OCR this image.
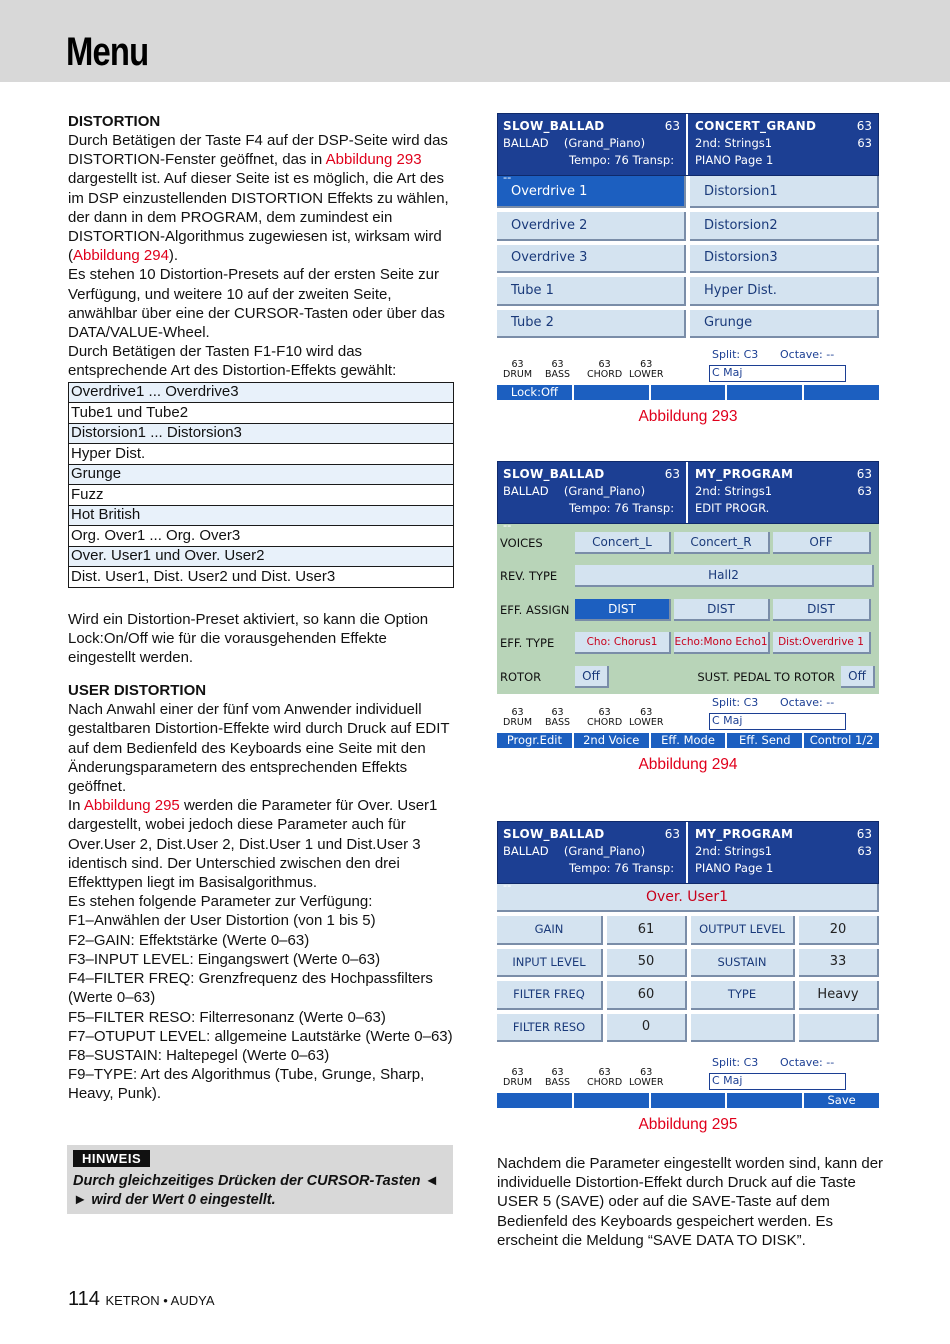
Menu
DISTORTION

Durch Betätigen der Taste F4 auf der DSP-Seite wird das DISTORTION-Fenster geöffnet, das in Abbildung 293 dargestellt ist. Auf dieser Seite ist es möglich, die Art des im DSP einzustellenden DISTORTION Effekts zu wählen, der dann in dem PROGRAM, dem zumindest ein DISTORTION-Algorithmus zugewiesen ist, wirksam wird (Abbildung 294).

Es stehen 10 Distortion-Presets auf der ersten Seite zur Verfügung, und weitere 10 auf der zweiten Seite, anwählbar über eine der CURSOR-Tasten oder über das DATA/VALUE-Wheel.

Durch Betätigen der Tasten F1-F10 wird das entsprechende Art des Distortion-Effekts gewählt:

Overdrive1 ... Overdrive3
Tube1 und Tube2
Distorsion1 ... Distorsion3
Hyper Dist.
Grunge
Fuzz
Hot British
Org. Over1 ... Org. Over3
Over. User1 und Over. User2
Dist. User1, Dist. User2 und Dist. User3

Wird ein Distortion-Preset aktiviert, so kann die Option Lock:On/Off wie für die vorausgehenden Effekte eingestellt werden.

USER DISTORTION

Nach Anwahl einer der fünf vom Anwender individuell gestaltbaren Distortion-Effekte wird durch Druck auf EDIT auf dem Bedienfeld des Keyboards eine Seite mit den Änderungsparametern des entsprechenden Effekts geöffnet.

In Abbildung 295 werden die Parameter für Over. User1 dargestellt, wobei jedoch diese Parameter auch für Over.User 2, Dist.User 2, Dist.User 1 und Dist.User 3 identisch sind. Der Unterschied zwischen den drei Effekttypen liegt im Basisalgorithmus.

Es stehen folgende Parameter zur Verfügung:

F1–Anwählen der User Distortion (von 1 bis 5)

F2–GAIN: Effektstärke (Werte 0–63)

F3–INPUT LEVEL: Eingangswert (Werte 0–63)

F4–FILTER FREQ: Grenzfrequenz des Hochpassfilters (Werte 0–63)

F5–FILTER RESO: Filterresonanz (Werte 0–63)

F7–OTUPUT LEVEL: allgemeine Lautstärke (Werte 0–63)

F8–SUSTAIN: Haltepegel (Werte 0–63)

F9–TYPE: Art des Algorithmus (Tube, Grunge, Sharp, Heavy, Punk).

HINWEIS

Durch gleichzeitiges Drücken der CURSOR-Tasten ◄ ► wird der Wert 0 eingestellt.

114 KETRON • AUDYA
SLOW_BALLAD	63

BALLAD (Grand_Piano)
Tempo: 76 Transp: --
CONCERT_GRAND	63

2nd: Strings1	63

PIANO Page 1
Overdrive 1	Distorsion1
Overdrive 2	Distorsion2
Overdrive 3	Distorsion3
Tube 1	Hyper Dist.
Tube 2	Grunge
63
DRUM
63
BASS
63
CHORD
63
LOWER
Split: C3 Octave: --
C Maj
Lock:Off
Abbildung 293
SLOW_BALLAD	63

BALLAD (Grand_Piano)
Tempo: 76 Transp: --
MY_PROGRAM	63

2nd: Strings1	63

EDIT PROGR.
VOICES	Concert_L	Concert_R	OFF
REV. TYPE	Hall2
EFF. ASSIGN	DIST	DIST	DIST
EFF. TYPE	Cho: Chorus1	Echo:Mono Echo1	Dist:Overdrive 1
ROTOR	Off	SUST. PEDAL TO ROTOR	Off
63
DRUM
63
BASS
63
CHORD
63
LOWER
Split: C3 Octave: --
C Maj
Progr.Edit	2nd Voice	Eff. Mode	Eff. Send	Control 1/2
Abbildung 294
SLOW_BALLAD	63

BALLAD (Grand_Piano)
Tempo: 76 Transp: --
MY_PROGRAM	63

2nd: Strings1	63

PIANO Page 1
Over. User1
GAIN	61	OUTPUT LEVEL	20
INPUT LEVEL	50	SUSTAIN	33
FILTER FREQ	60	TYPE	Heavy
FILTER RESO	0
63
DRUM
63
BASS
63
CHORD
63
LOWER
Split: C3 Octave: --
C Maj
Save
Abbildung 295

Nachdem die Parameter eingestellt worden sind, kann der individuelle Distortion-Effekt durch Druck auf die Taste USER 5 (SAVE) oder auf die SAVE-Taste auf dem Bedienfeld des Keyboards gespeichert werden. Es erscheint die Meldung “SAVE DATA TO DISK”.
